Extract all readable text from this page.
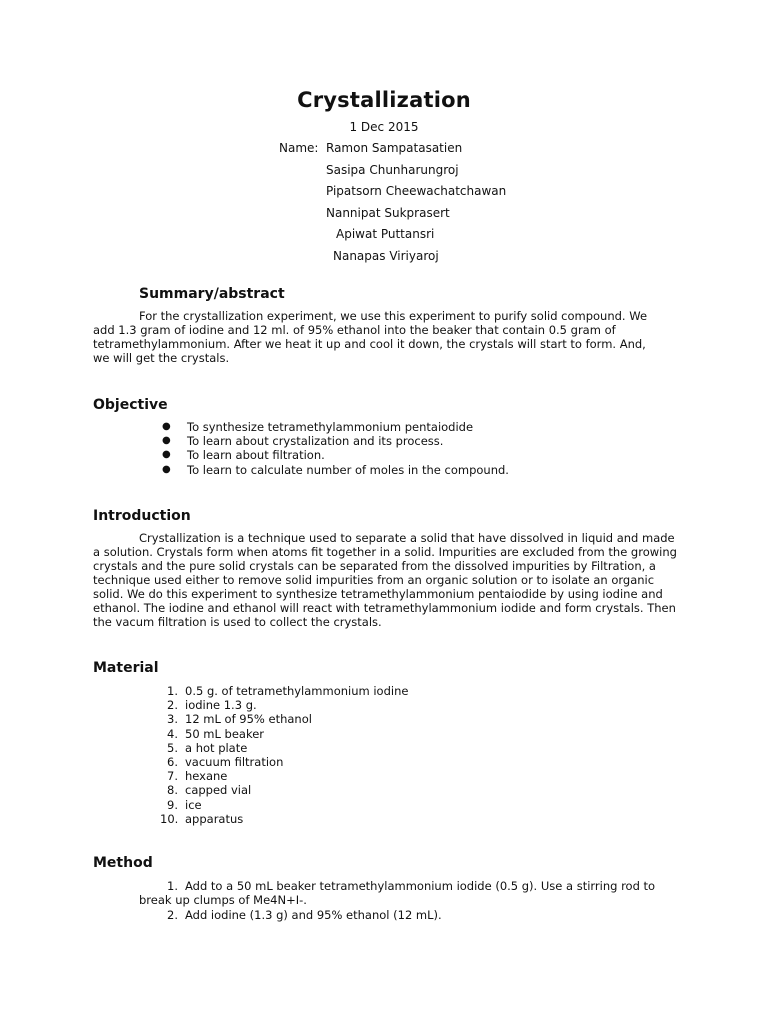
Crystallization
1 Dec 2015
Name: Ramon Sampatasatien
Sasipa Chunharungroj
Pipatsorn Cheewachatchawan
Nannipat Sukprasert
Apiwat Puttansri
Nanapas Viriyaroj
Summary/abstract

For the crystallization experiment, we use this experiment to purify solid compound. We add 1.3 gram of iodine and 12 ml. of 95% ethanol into the beaker that contain 0.5 gram of tetramethylammonium. After we heat it up and cool it down, the crystals will start to form. And, we will get the crystals.

Objective
● To synthesize tetramethylammonium pentaiodide
● To learn about crystalization and its process.
● To learn about filtration.
● To learn to calculate number of moles in the compound.
Introduction

Crystallization is a technique used to separate a solid that have dissolved in liquid and made a solution. Crystals form when atoms fit together in a solid. Impurities are excluded from the growing crystals and the pure solid crystals can be separated from the dissolved impurities by Filtration, a technique used either to remove solid impurities from an organic solution or to isolate an organic solid. We do this experiment to synthesize tetramethylammonium pentaiodide by using iodine and ethanol. The iodine and ethanol will react with tetramethylammonium iodide and form crystals. Then the vacum filtration is used to collect the crystals.

Material
1. 0.5 g. of tetramethylammonium iodine
2. iodine 1.3 g.
3. 12 mL of 95% ethanol
4. 50 mL beaker
5. a hot plate
6. vacuum filtration
7. hexane
8. capped vial
9. ice
10. apparatus
Method
1. Add to a 50 mL beaker tetramethylammonium iodide (0.5 g). Use a stirring rod to
break up clumps of Me4N+I-.
2. Add iodine (1.3 g) and 95% ethanol (12 mL).
